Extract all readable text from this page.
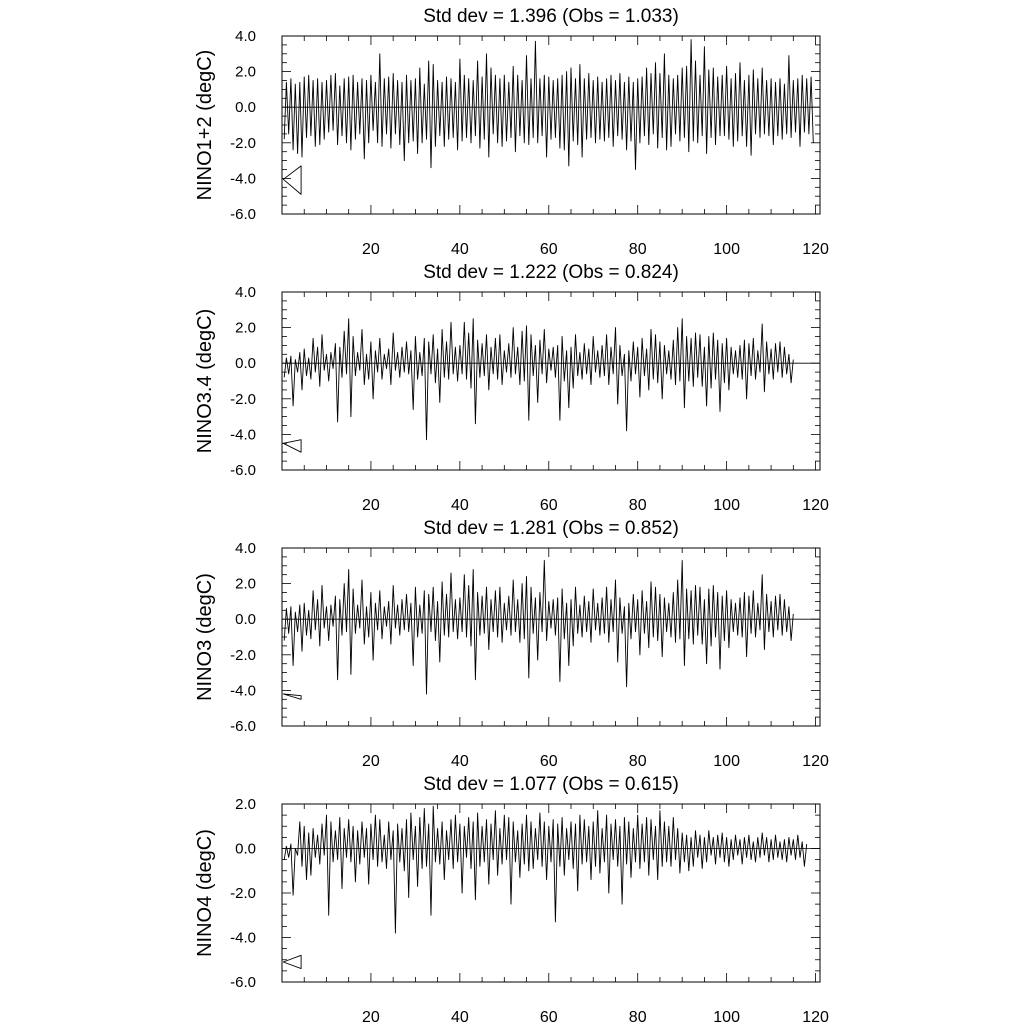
4.0
2.0
0.0
-2.0
-4.0
-6.0
20	40	60	80	100	120
Std dev = 1.396 (Obs = 1.033)
NINO1+2 (degC)
4.0
2.0
0.0
-2.0
-4.0
-6.0
20	40	60	80	100	120
Std dev = 1.222 (Obs = 0.824)
NINO3.4 (degC)
4.0
2.0
0.0
-2.0
-4.0
-6.0
20	40	60	80	100	120
Std dev = 1.281 (Obs = 0.852)
NINO3 (degC)
2.0
0.0
-2.0
-4.0
-6.0
20	40	60	80	100	120
Std dev = 1.077 (Obs = 0.615)
NINO4 (degC)
